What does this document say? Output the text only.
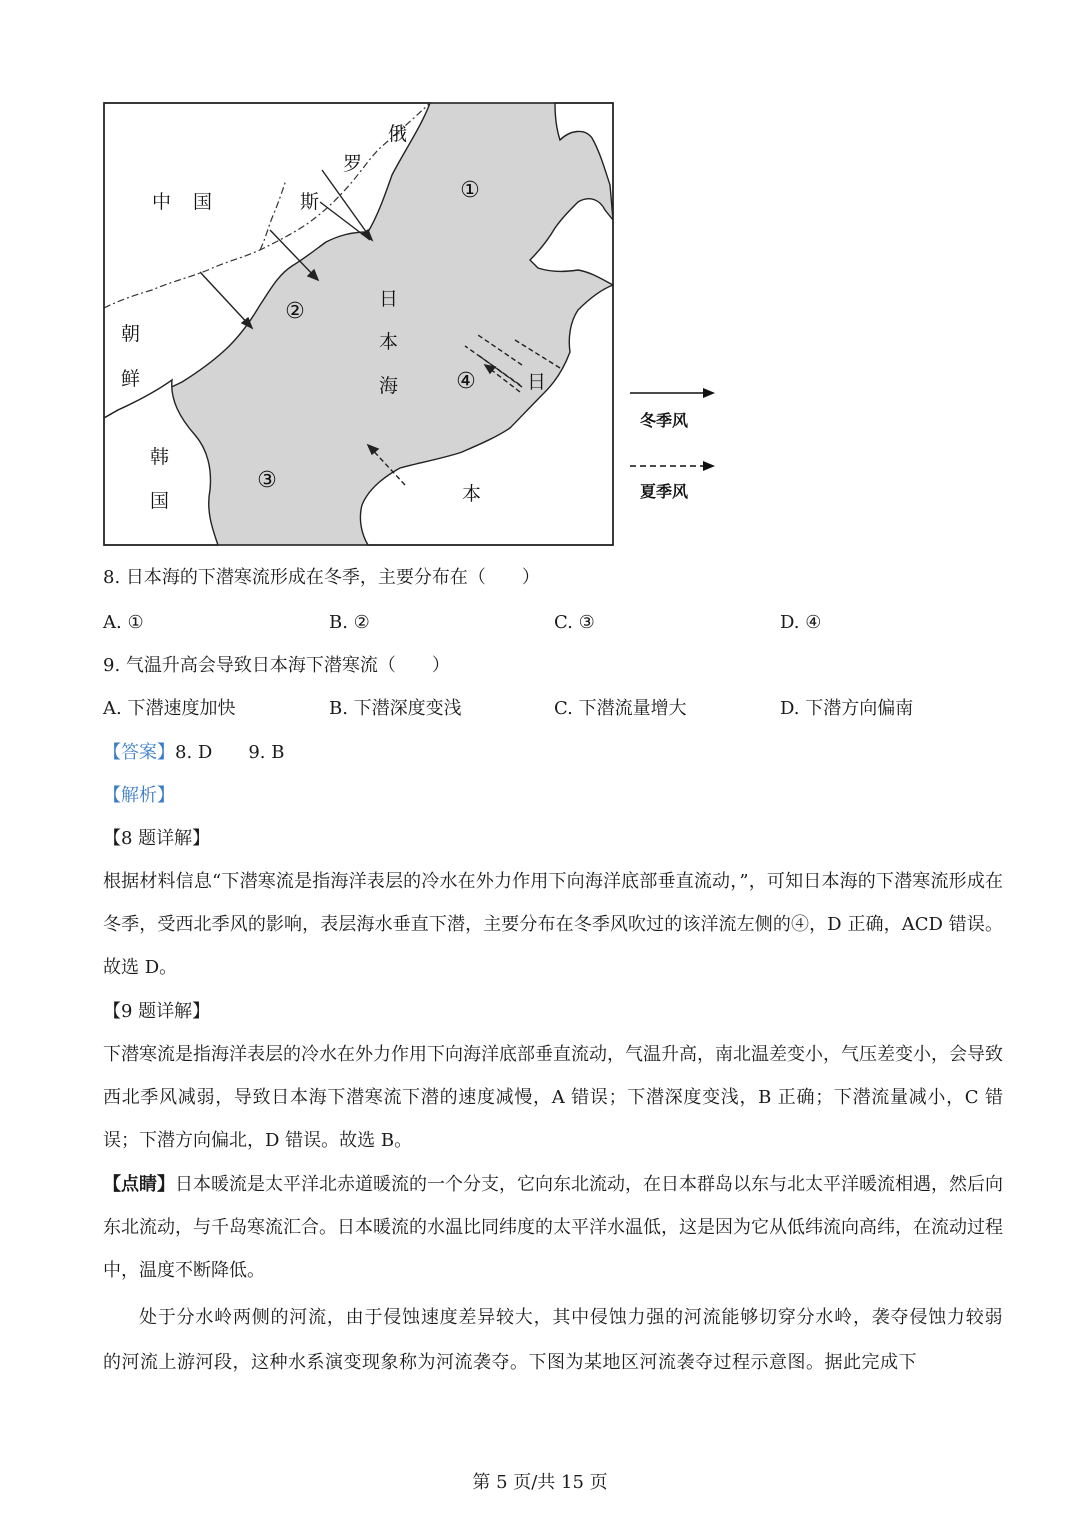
俄
罗
斯
中 国
朝
鲜
韩
国
日
本
海	日
本
①
②
③
④
冬季风
夏季风
8. 日本海的下潜寒流形成在冬季，主要分布在（　　）
A. ①	B. ②	C. ③	D. ④
9. 气温升高会导致日本海下潜寒流（　　）
A. 下潜速度加快	B. 下潜深度变浅	C. 下潜流量增大	D. 下潜方向偏南
【答案】8. D　　9. B
【解析】
【8 题详解】
根据材料信息“下潜寒流是指海洋表层的冷水在外力作用下向海洋底部垂直流动，”，可知日本海的下潜寒流形成在冬季，受西北季风的影响，表层海水垂直下潜，主要分布在冬季风吹过的该洋流左侧的④，D 正确，ACD 错误。故选 D。
【9 题详解】
下潜寒流是指海洋表层的冷水在外力作用下向海洋底部垂直流动，气温升高，南北温差变小，气压差变小，会导致西北季风减弱，导致日本海下潜寒流下潜的速度减慢，A 错误；下潜深度变浅，B 正确；下潜流量减小，C 错误；下潜方向偏北，D 错误。故选 B。
【点睛】日本暖流是太平洋北赤道暖流的一个分支，它向东北流动，在日本群岛以东与北太平洋暖流相遇，然后向东北流动，与千岛寒流汇合。日本暖流的水温比同纬度的太平洋水温低，这是因为它从低纬流向高纬，在流动过程中，温度不断降低。
处于分水岭两侧的河流，由于侵蚀速度差异较大，其中侵蚀力强的河流能够切穿分水岭，袭夺侵蚀力较弱的河流上游河段，这种水系演变现象称为河流袭夺。下图为某地区河流袭夺过程示意图。据此完成下
第 5 页/共 15 页
